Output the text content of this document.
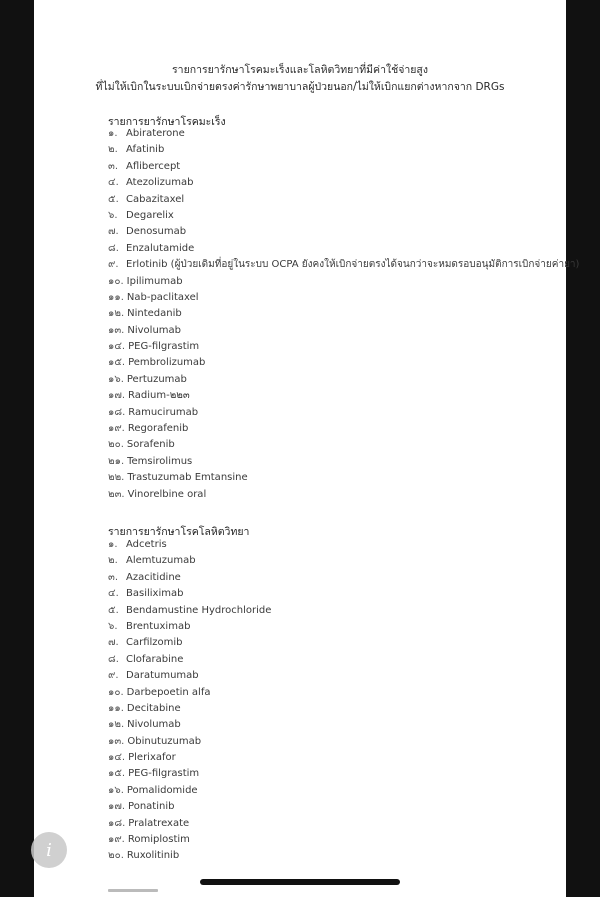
รายการยารักษาโรคมะเร็งและโลหิตวิทยาที่มีค่าใช้จ่ายสูง
ที่ไม่ให้เบิกในระบบเบิกจ่ายตรงค่ารักษาพยาบาลผู้ป่วยนอก/ไม่ให้เบิกแยกต่างหากจาก DRGs
รายการยารักษาโรคมะเร็ง
๑. Abiraterone
๒. Afatinib
๓. Aflibercept
๔. Atezolizumab
๕. Cabazitaxel
๖. Degarelix
๗. Denosumab
๘. Enzalutamide
๙. Erlotinib (ผู้ป่วยเดิมที่อยู่ในระบบ OCPA ยังคงให้เบิกจ่ายตรงได้จนกว่าจะหมดรอบอนุมัติการเบิกจ่ายค่ายา)
๑๐. Ipilimumab
๑๑. Nab-paclitaxel
๑๒. Nintedanib
๑๓. Nivolumab
๑๔. PEG-filgrastim
๑๕. Pembrolizumab
๑๖. Pertuzumab
๑๗. Radium-๒๒๓
๑๘. Ramucirumab
๑๙. Regorafenib
๒๐. Sorafenib
๒๑. Temsirolimus
๒๒. Trastuzumab Emtansine
๒๓. Vinorelbine oral
รายการยารักษาโรคโลหิตวิทยา
๑. Adcetris
๒. Alemtuzumab
๓. Azacitidine
๔. Basiliximab
๕. Bendamustine Hydrochloride
๖. Brentuximab
๗. Carfilzomib
๘. Clofarabine
๙. Daratumumab
๑๐. Darbepoetin alfa
๑๑. Decitabine
๑๒. Nivolumab
๑๓. Obinutuzumab
๑๔. Plerixafor
๑๕. PEG-filgrastim
๑๖. Pomalidomide
๑๗. Ponatinib
๑๘. Pralatrexate
๑๙. Romiplostim
๒๐. Ruxolitinib
i
